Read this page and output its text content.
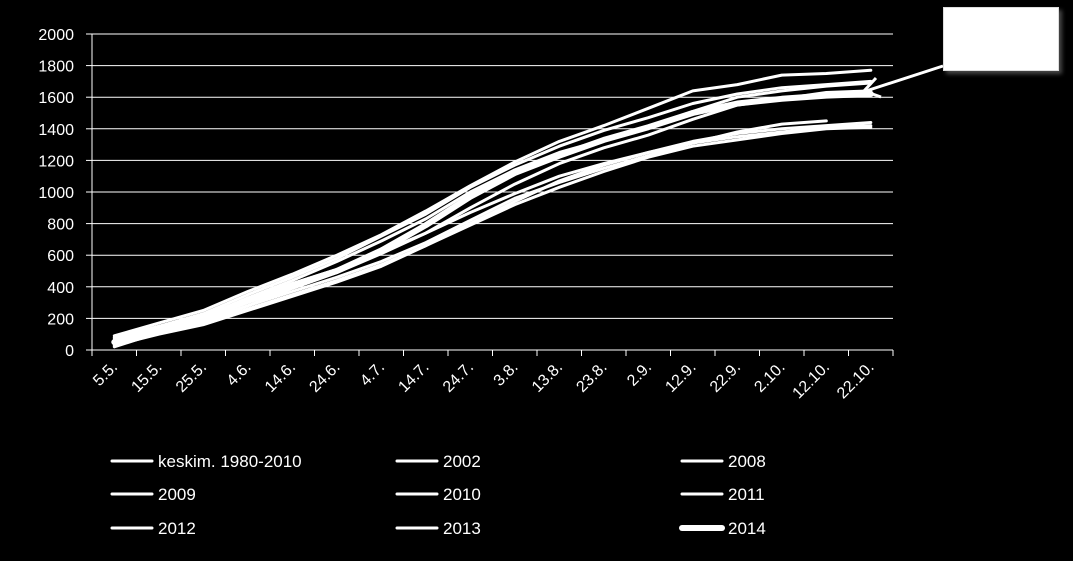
0
200
400
600
800
1000
1200
1400
1600
1800
2000
5.5. 15.5. 25.5. 4.6. 14.6. 24.6. 4.7. 14.7. 24.7. 3.8. 13.8. 23.8. 2.9. 12.9. 22.9. 2.10. 12.10. 22.10.
keskim. 1980-2010	2002	2008
2009	2010	2011
2012	2013	2014
